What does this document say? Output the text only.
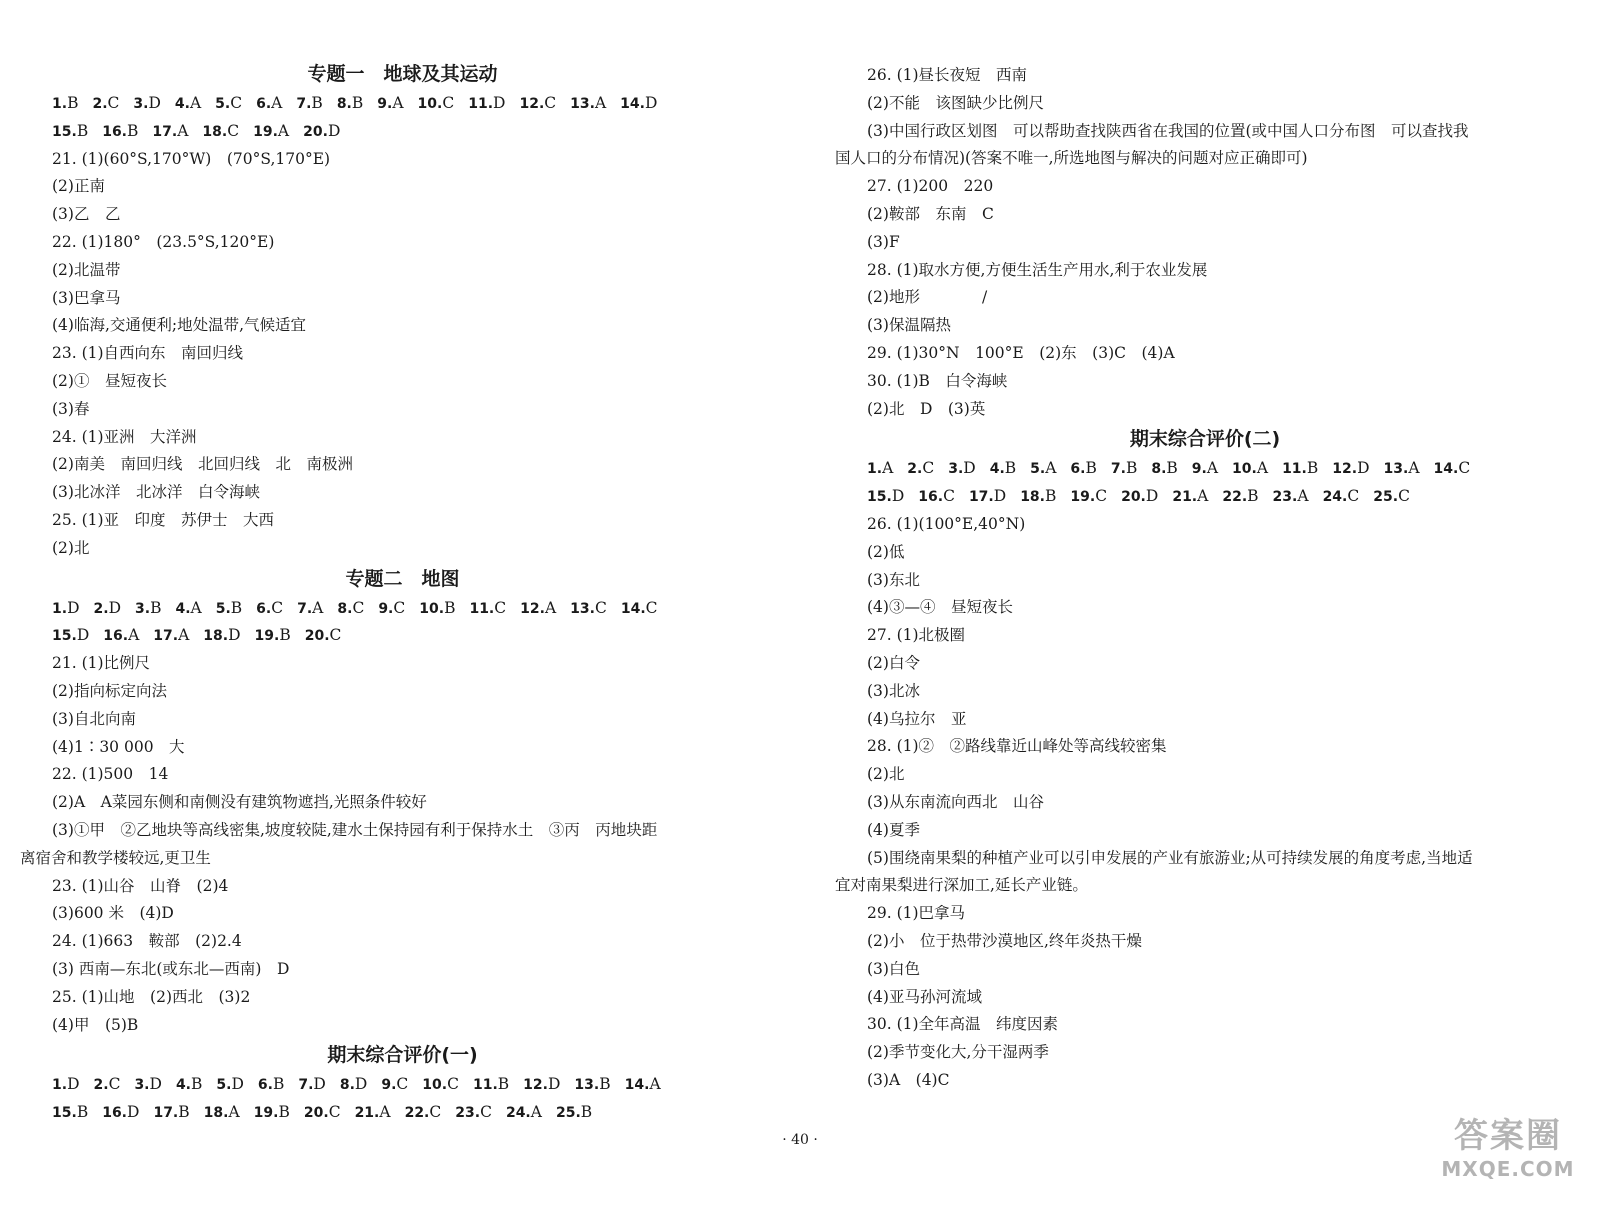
专题一　地球及其运动
1.B 2.C 3.D 4.A 5.C 6.A 7.B 8.B 9.A 10.C 11.D 12.C 13.A 14.D
15.B 16.B 17.A 18.C 19.A 20.D
21. (1)(60°S,170°W)　(70°S,170°E)
(2)正南
(3)乙　乙
22. (1)180°　(23.5°S,120°E)
(2)北温带
(3)巴拿马
(4)临海,交通便利;地处温带,气候适宜
23. (1)自西向东　南回归线
(2)①　昼短夜长
(3)春
24. (1)亚洲　大洋洲
(2)南美　南回归线　北回归线　北　南极洲
(3)北冰洋　北冰洋　白令海峡
25. (1)亚　印度　苏伊士　大西
(2)北
专题二　地图
1.D 2.D 3.B 4.A 5.B 6.C 7.A 8.C 9.C 10.B 11.C 12.A 13.C 14.C
15.D 16.A 17.A 18.D 19.B 20.C
21. (1)比例尺
(2)指向标定向法
(3)自北向南
(4)1∶30 000　大
22. (1)500　14
(2)A　A菜园东侧和南侧没有建筑物遮挡,光照条件较好
(3)①甲　②乙地块等高线密集,坡度较陡,建水土保持园有利于保持水土　③丙　丙地块距
离宿舍和教学楼较远,更卫生
23. (1)山谷　山脊　(2)4
(3)600 米　(4)D
24. (1)663　鞍部　(2)2.4
(3) 西南—东北(或东北—西南)　D
25. (1)山地　(2)西北　(3)2
(4)甲　(5)B
期末综合评价(一)
1.D 2.C 3.D 4.B 5.D 6.B 7.D 8.D 9.C 10.C 11.B 12.D 13.B 14.A
15.B 16.D 17.B 18.A 19.B 20.C 21.A 22.C 23.C 24.A 25.B
26. (1)昼长夜短　西南
(2)不能　该图缺少比例尺
(3)中国行政区划图　可以帮助查找陕西省在我国的位置(或中国人口分布图　可以查找我
国人口的分布情况)(答案不唯一,所选地图与解决的问题对应正确即可)
27. (1)200　220
(2)鞍部　东南　C
(3)F
28. (1)取水方便,方便生活生产用水,利于农业发展
(2)地形　　　　/
(3)保温隔热
29. (1)30°N　100°E　(2)东　(3)C　(4)A
30. (1)B　白令海峡
(2)北　D　(3)英
期末综合评价(二)
1.A 2.C 3.D 4.B 5.A 6.B 7.B 8.B 9.A 10.A 11.B 12.D 13.A 14.C
15.D 16.C 17.D 18.B 19.C 20.D 21.A 22.B 23.A 24.C 25.C
26. (1)(100°E,40°N)
(2)低
(3)东北
(4)③—④　昼短夜长
27. (1)北极圈
(2)白令
(3)北冰
(4)乌拉尔　亚
28. (1)②　②路线靠近山峰处等高线较密集
(2)北
(3)从东南流向西北　山谷
(4)夏季
(5)围绕南果梨的种植产业可以引申发展的产业有旅游业;从可持续发展的角度考虑,当地适
宜对南果梨进行深加工,延长产业链。
29. (1)巴拿马
(2)小　位于热带沙漠地区,终年炎热干燥
(3)白色
(4)亚马孙河流域
30. (1)全年高温　纬度因素
(2)季节变化大,分干湿两季
(3)A　(4)C
· 40 ·	答案圈
MXQE.COM
